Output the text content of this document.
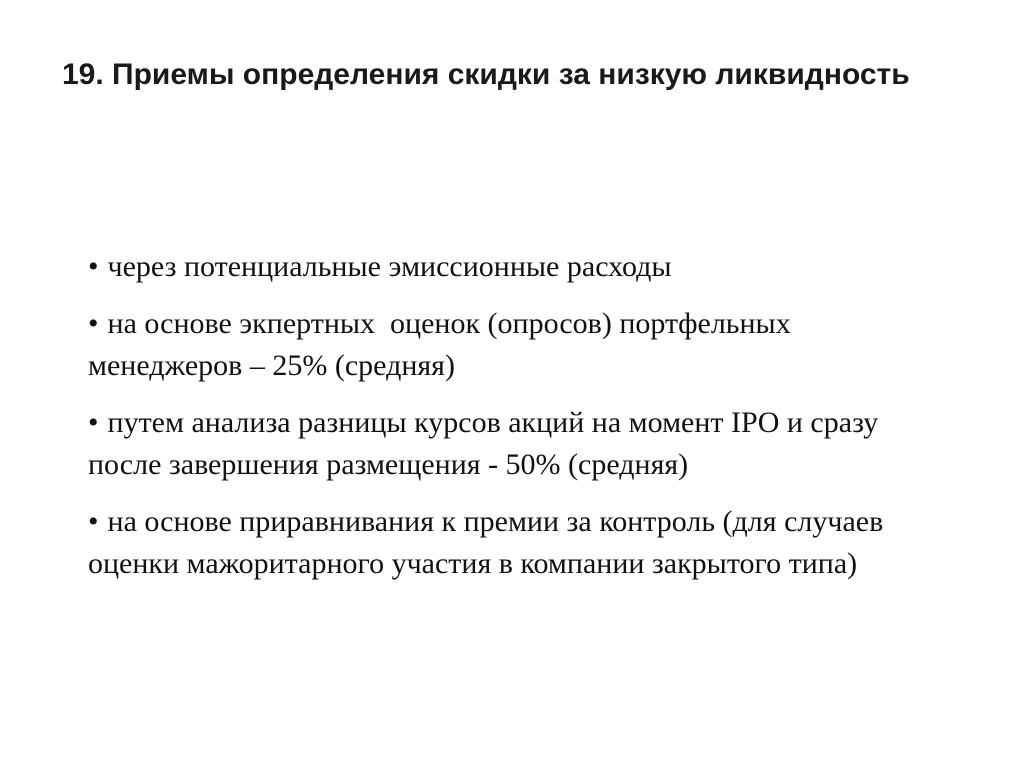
19. Приемы определения скидки за низкую ликвидность
• через потенциальные эмиссионные расходы
• на основе экпертных  оценок (опросов) портфельных менеджеров – 25% (средняя)
• путем анализа разницы курсов акций на момент IPO и сразу после завершения размещения - 50% (средняя)
• на основе приравнивания к премии за контроль (для случаев оценки мажоритарного участия в компании закрытого типа)
